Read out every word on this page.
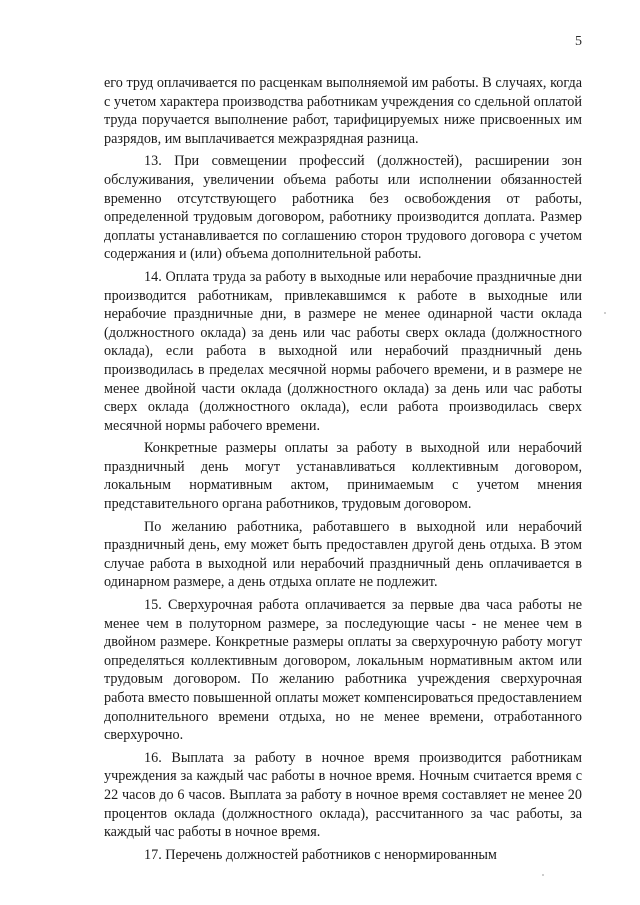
5

его труд оплачивается по расценкам выполняемой им работы. В случаях, когда с учетом характера производства работникам учреждения со сдельной оплатой труда поручается выполнение работ, тарифицируемых ниже присвоенных им разрядов, им выплачивается межразрядная разница.

13. При совмещении профессий (должностей), расширении зон обслуживания, увеличении объема работы или исполнении обязанностей временно отсутствующего работника без освобождения от работы, определенной трудовым договором, работнику производится доплата. Размер доплаты устанавливается по соглашению сторон трудового договора с учетом содержания и (или) объема дополнительной работы.

14. Оплата труда за работу в выходные или нерабочие праздничные дни производится работникам, привлекавшимся к работе в выходные или нерабочие праздничные дни, в размере не менее одинарной части оклада (должностного оклада) за день или час работы сверх оклада (должностного оклада), если работа в выходной или нерабочий праздничный день производилась в пределах месячной нормы рабочего времени, и в размере не менее двойной части оклада (должностного оклада) за день или час работы сверх оклада (должностного оклада), если работа производилась сверх месячной нормы рабочего времени.

Конкретные размеры оплаты за работу в выходной или нерабочий праздничный день могут устанавливаться коллективным договором, локальным нормативным актом, принимаемым с учетом мнения представительного органа работников, трудовым договором.

По желанию работника, работавшего в выходной или нерабочий праздничный день, ему может быть предоставлен другой день отдыха. В этом случае работа в выходной или нерабочий праздничный день оплачивается в одинарном размере, а день отдыха оплате не подлежит.

15. Сверхурочная работа оплачивается за первые два часа работы не менее чем в полуторном размере, за последующие часы - не менее чем в двойном размере. Конкретные размеры оплаты за сверхурочную работу могут определяться коллективным договором, локальным нормативным актом или трудовым договором. По желанию работника учреждения сверхурочная работа вместо повышенной оплаты может компенсироваться предоставлением дополнительного времени отдыха, но не менее времени, отработанного сверхурочно.

16. Выплата за работу в ночное время производится работникам учреждения за каждый час работы в ночное время. Ночным считается время с 22 часов до 6 часов. Выплата за работу в ночное время составляет не менее 20 процентов оклада (должностного оклада), рассчитанного за час работы, за каждый час работы в ночное время.

17. Перечень должностей работников с ненормированным
